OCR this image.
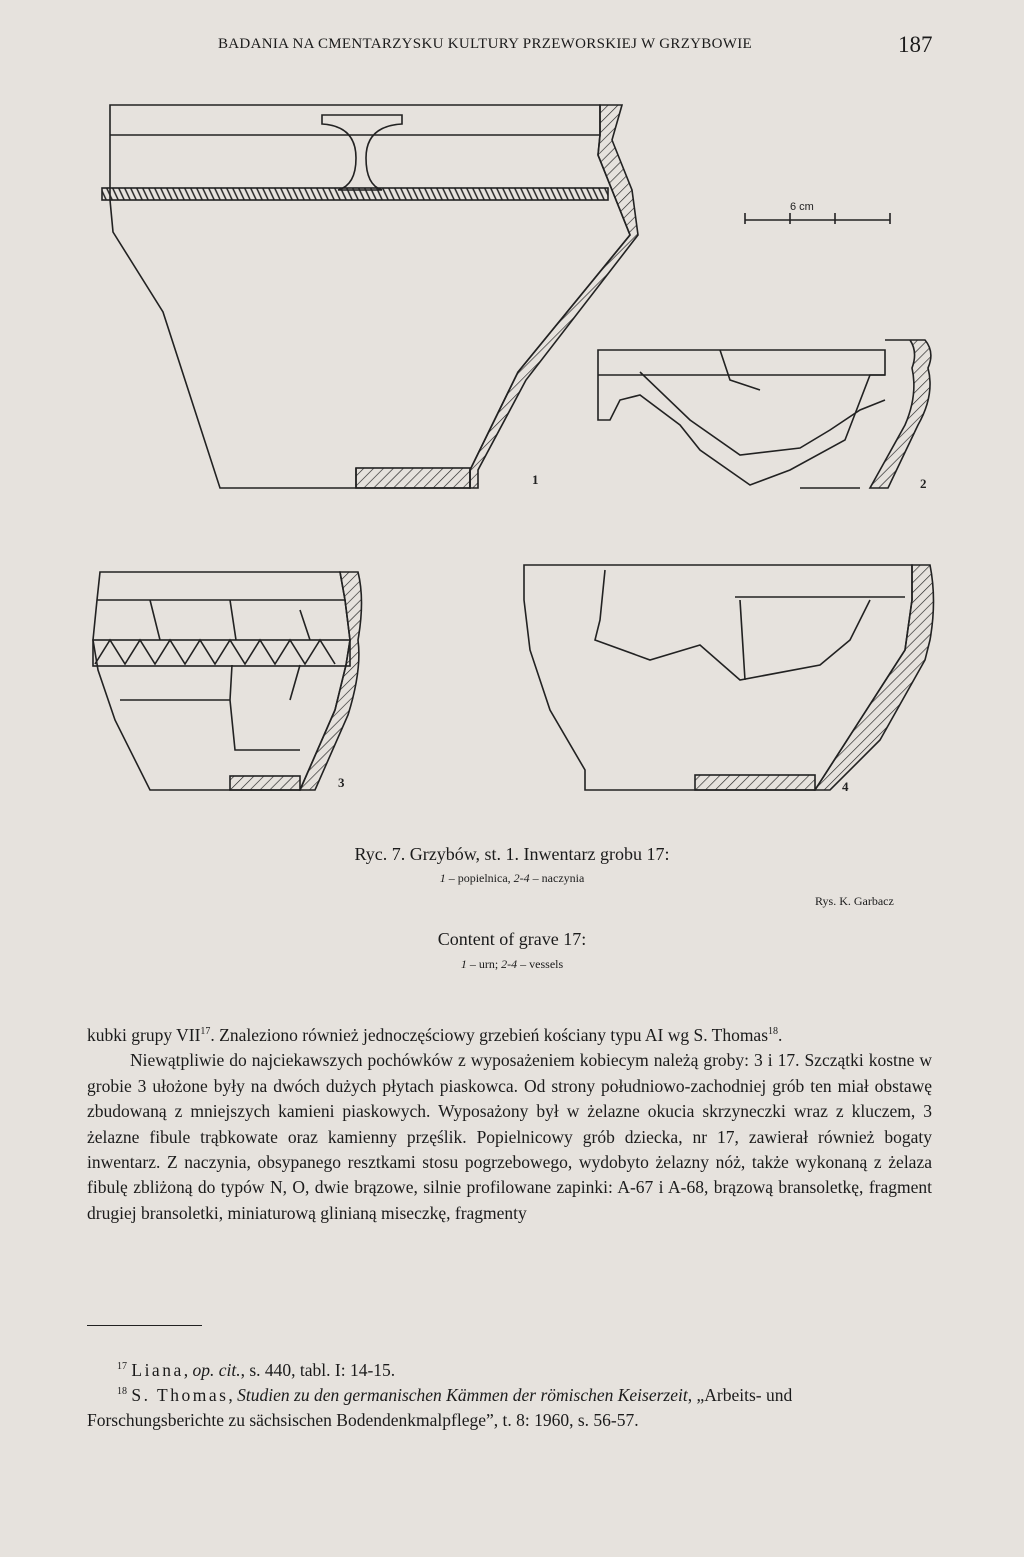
BADANIA NA CMENTARZYSKU KULTURY PRZEWORSKIEJ W GRZYBOWIE	187
6 cm
1	2
3	4
Ryc. 7. Grzybów, st. 1. Inwentarz grobu 17:
1 – popielnica, 2-4 – naczynia
Rys. K. Garbacz
Content of grave 17:
1 – urn; 2-4 – vessels

kubki grupy VII$^{17}$. Znaleziono również jednoczęściowy grzebień kościany typu AI wg S. Thomas$^{18}$.

Niewątpliwie do najciekawszych pochówków z wyposażeniem kobiecym należą groby: 3 i 17. Szczątki kostne w grobie 3 ułożone były na dwóch dużych płytach piaskowca. Od strony południowo-zachodniej grób ten miał obstawę zbudowaną z mniejszych kamieni piaskowych. Wyposażony był w żelazne okucia skrzyneczki wraz z kluczem, 3 żelazne fibule trąbkowate oraz kamienny przęślik. Popielnicowy grób dziecka, nr 17, zawierał również bogaty inwentarz. Z naczynia, obsypanego resztkami stosu pogrzebowego, wydobyto żelazny nóż, także wykonaną z żelaza fibulę zbliżoną do typów N, O, dwie brązowe, silnie profilowane zapinki: A-67 i A-68, brązową bransoletkę, fragment drugiej bransoletki, miniaturową glinianą miseczkę, fragmenty

$^{17}$ Liana, op. cit., s. 440, tabl. I: 14-15.

$^{18}$ S. Thomas, Studien zu den germanischen Kämmen der römischen Keiserzeit, „Arbeits- und Forschungsberichte zu sächsischen Bodendenkmalpflege”, t. 8: 1960, s. 56-57.
